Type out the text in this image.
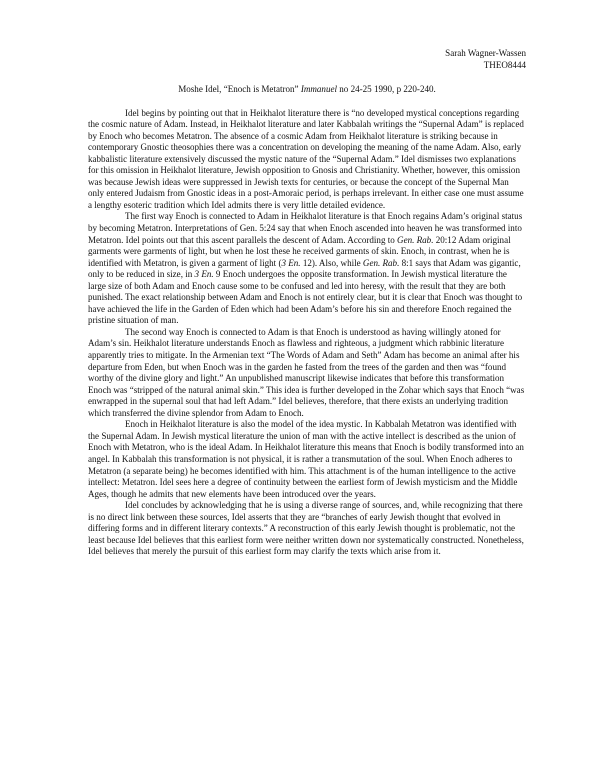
Sarah Wagner-Wassen
THEO8444
Moshe Idel, “Enoch is Metatron” Immanuel no 24-25 1990, p 220-240.

Idel begins by pointing out that in Heikhalot literature there is “no developed mystical conceptions regarding the cosmic nature of Adam. Instead, in Heikhalot literature and later Kabbalah writings the “Supernal Adam” is replaced by Enoch who becomes Metatron. The absence of a cosmic Adam from Heikhalot literature is striking because in contemporary Gnostic theosophies there was a concentration on developing the meaning of the name Adam. Also, early kabbalistic literature extensively discussed the mystic nature of the “Supernal Adam.” Idel dismisses two explanations for this omission in Heikhalot literature, Jewish opposition to Gnosis and Christianity. Whether, however, this omission was because Jewish ideas were suppressed in Jewish texts for centuries, or because the concept of the Supernal Man only entered Judaism from Gnostic ideas in a post-Amoraic period, is perhaps irrelevant. In either case one must assume a lengthy esoteric tradition which Idel admits there is very little detailed evidence.

The first way Enoch is connected to Adam in Heikhalot literature is that Enoch regains Adam’s original status by becoming Metatron. Interpretations of Gen. 5:24 say that when Enoch ascended into heaven he was transformed into Metatron. Idel points out that this ascent parallels the descent of Adam. According to Gen. Rab. 20:12 Adam original garments were garments of light, but when he lost these he received garments of skin. Enoch, in contrast, when he is identified with Metatron, is given a garment of light (3 En. 12). Also, while Gen. Rab. 8:1 says that Adam was gigantic, only to be reduced in size, in 3 En. 9 Enoch undergoes the opposite transformation. In Jewish mystical literature the large size of both Adam and Enoch cause some to be confused and led into heresy, with the result that they are both punished. The exact relationship between Adam and Enoch is not entirely clear, but it is clear that Enoch was thought to have achieved the life in the Garden of Eden which had been Adam’s before his sin and therefore Enoch regained the pristine situation of man.

The second way Enoch is connected to Adam is that Enoch is understood as having willingly atoned for Adam’s sin. Heikhalot literature understands Enoch as flawless and righteous, a judgment which rabbinic literature apparently tries to mitigate. In the Armenian text “The Words of Adam and Seth” Adam has become an animal after his departure from Eden, but when Enoch was in the garden he fasted from the trees of the garden and then was “found worthy of the divine glory and light.” An unpublished manuscript likewise indicates that before this transformation Enoch was “stripped of the natural animal skin.” This idea is further developed in the Zohar which says that Enoch “was enwrapped in the supernal soul that had left Adam.” Idel believes, therefore, that there exists an underlying tradition which transferred the divine splendor from Adam to Enoch.

Enoch in Heikhalot literature is also the model of the idea mystic. In Kabbalah Metatron was identified with the Supernal Adam. In Jewish mystical literature the union of man with the active intellect is described as the union of Enoch with Metatron, who is the ideal Adam. In Heikhalot literature this means that Enoch is bodily transformed into an angel. In Kabbalah this transformation is not physical, it is rather a transmutation of the soul. When Enoch adheres to Metatron (a separate being) he becomes identified with him. This attachment is of the human intelligence to the active intellect: Metatron. Idel sees here a degree of continuity between the earliest form of Jewish mysticism and the Middle Ages, though he admits that new elements have been introduced over the years.

Idel concludes by acknowledging that he is using a diverse range of sources, and, while recognizing that there is no direct link between these sources, Idel asserts that they are “branches of early Jewish thought that evolved in differing forms and in different literary contexts.” A reconstruction of this early Jewish thought is problematic, not the least because Idel believes that this earliest form were neither written down nor systematically constructed. Nonetheless, Idel believes that merely the pursuit of this earliest form may clarify the texts which arise from it.
